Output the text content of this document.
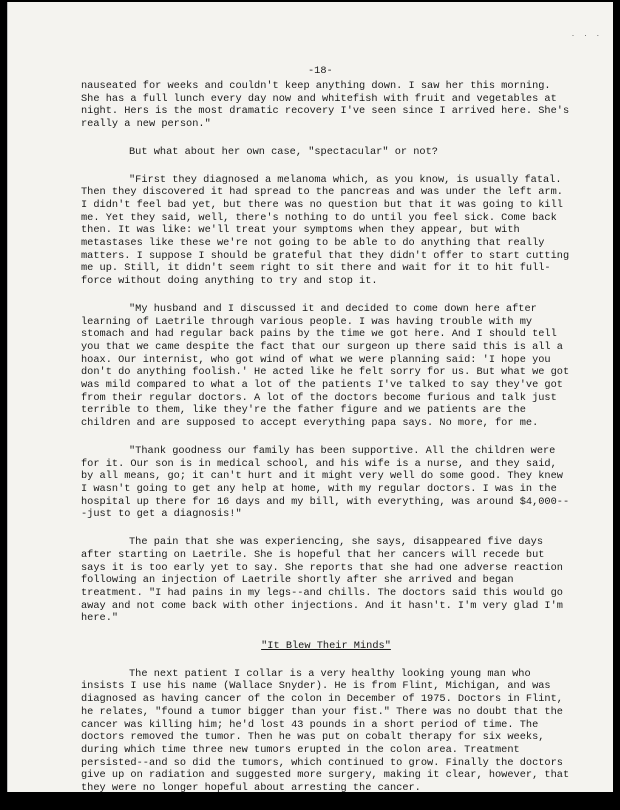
. . .
-18-

nauseated for weeks and couldn't keep anything down. I saw her this morning. She has a full lunch every day now and whitefish with fruit and vegetables at night. Hers is the most dramatic recovery I've seen since I arrived here. She's really a new person."

But what about her own case, "spectacular" or not?

"First they diagnosed a melanoma which, as you know, is usually fatal. Then they discovered it had spread to the pancreas and was under the left arm. I didn't feel bad yet, but there was no question but that it was going to kill me. Yet they said, well, there's nothing to do until you feel sick. Come back then. It was like: we'll treat your symptoms when they appear, but with metastases like these we're not going to be able to do anything that really matters. I suppose I should be grateful that they didn't offer to start cutting me up. Still, it didn't seem right to sit there and wait for it to hit full-force without doing anything to try and stop it.

"My husband and I discussed it and decided to come down here after learning of Laetrile through various people. I was having trouble with my stomach and had regular back pains by the time we got here. And I should tell you that we came despite the fact that our surgeon up there said this is all a hoax. Our internist, who got wind of what we were planning said: 'I hope you don't do anything foolish.' He acted like he felt sorry for us. But what we got was mild compared to what a lot of the patients I've talked to say they've got from their regular doctors. A lot of the doctors become furious and talk just terrible to them, like they're the father figure and we patients are the children and are supposed to accept everything papa says. No more, for me.

"Thank goodness our family has been supportive. All the children were for it. Our son is in medical school, and his wife is a nurse, and they said, by all means, go; it can't hurt and it might very well do some good. They knew I wasn't going to get any help at home, with my regular doctors. I was in the hospital up there for 16 days and my bill, with everything, was around $4,000---just to get a diagnosis!"

The pain that she was experiencing, she says, disappeared five days after starting on Laetrile. She is hopeful that her cancers will recede but says it is too early yet to say. She reports that she had one adverse reaction following an injection of Laetrile shortly after she arrived and began treatment. "I had pains in my legs--and chills. The doctors said this would go away and not come back with other injections. And it hasn't. I'm very glad I'm here."

"It Blew Their Minds"

The next patient I collar is a very healthy looking young man who insists I use his name (Wallace Snyder). He is from Flint, Michigan, and was diagnosed as having cancer of the colon in December of 1975. Doctors in Flint, he relates, "found a tumor bigger than your fist." There was no doubt that the cancer was killing him; he'd lost 43 pounds in a short period of time. The doctors removed the tumor. Then he was put on cobalt therapy for six weeks, during which time three new tumors erupted in the colon area. Treatment persisted--and so did the tumors, which continued to grow. Finally the doctors give up on radiation and suggested more surgery, making it clear, however, that they were no longer hopeful about arresting the cancer.
